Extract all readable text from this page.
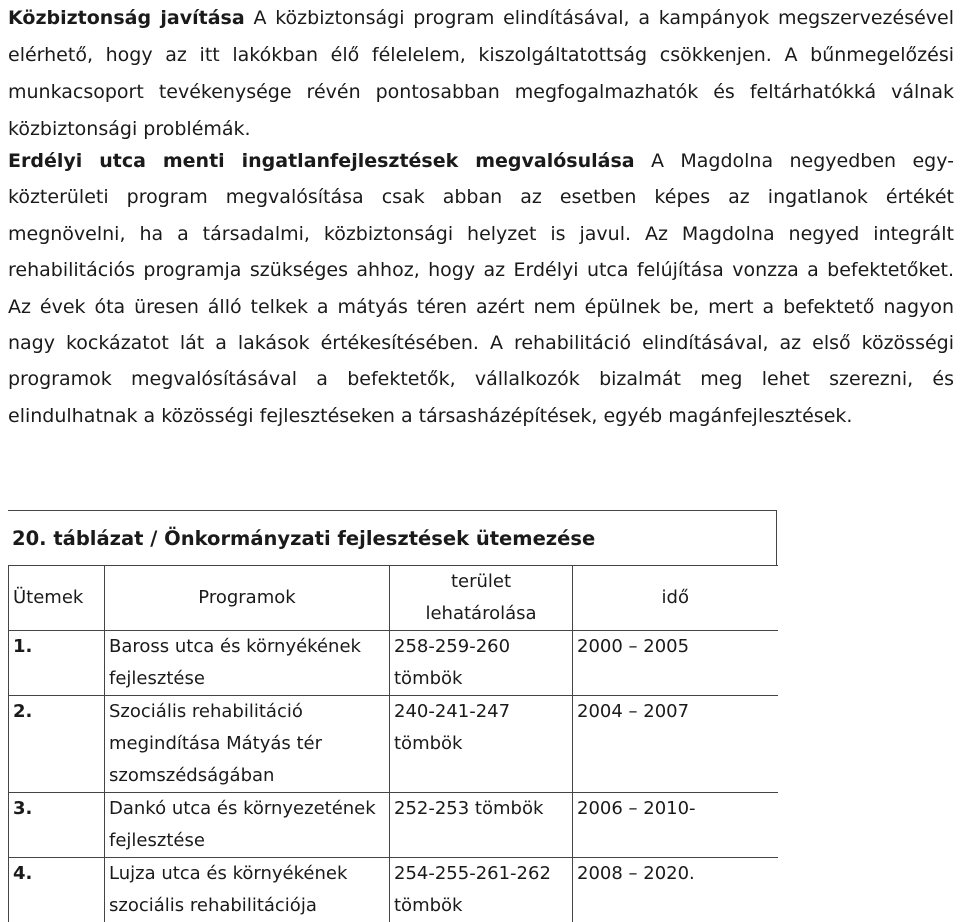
Közbiztonság javítása A közbiztonsági program elindításával, a kampányok megszervezésével elérhető, hogy az itt lakókban élő félelelem, kiszolgáltatottság csökkenjen. A bűnmegelőzési munkacsoport tevékenysége révén pontosabban megfogalmazhatók és feltárhatókká válnak közbiztonsági problémák.

Erdélyi utca menti ingatlanfejlesztések megvalósulása A Magdolna negyedben egy-közterületi program megvalósítása csak abban az esetben képes az ingatlanok értékét megnövelni, ha a társadalmi, közbiztonsági helyzet is javul. Az Magdolna negyed integrált rehabilitációs programja szükséges ahhoz, hogy az Erdélyi utca felújítása vonzza a befektetőket. Az évek óta üresen álló telkek a mátyás téren azért nem épülnek be, mert a befektető nagyon nagy kockázatot lát a lakások értékesítésében. A rehabilitáció elindításával, az első közösségi programok megvalósításával a befektetők, vállalkozók bizalmát meg lehet szerezni, és elindulhatnak a közösségi fejlesztéseken a társasházépítések, egyéb magánfejlesztések.

20. táblázat / Önkormányzati fejlesztések ütemezése
Ütemek	Programok	terület lehatárolása	idő
1.	Baross utca és környékének fejlesztése	258-259-260 tömbök	2000 – 2005
2.	Szociális rehabilitáció megindítása Mátyás tér szomszédságában	240-241-247 tömbök	2004 – 2007
3.	Dankó utca és környezetének fejlesztése	252-253 tömbök	2006 – 2010-
4.	Lujza utca és környékének szociális rehabilitációja	254-255-261-262 tömbök	2008 – 2020.
